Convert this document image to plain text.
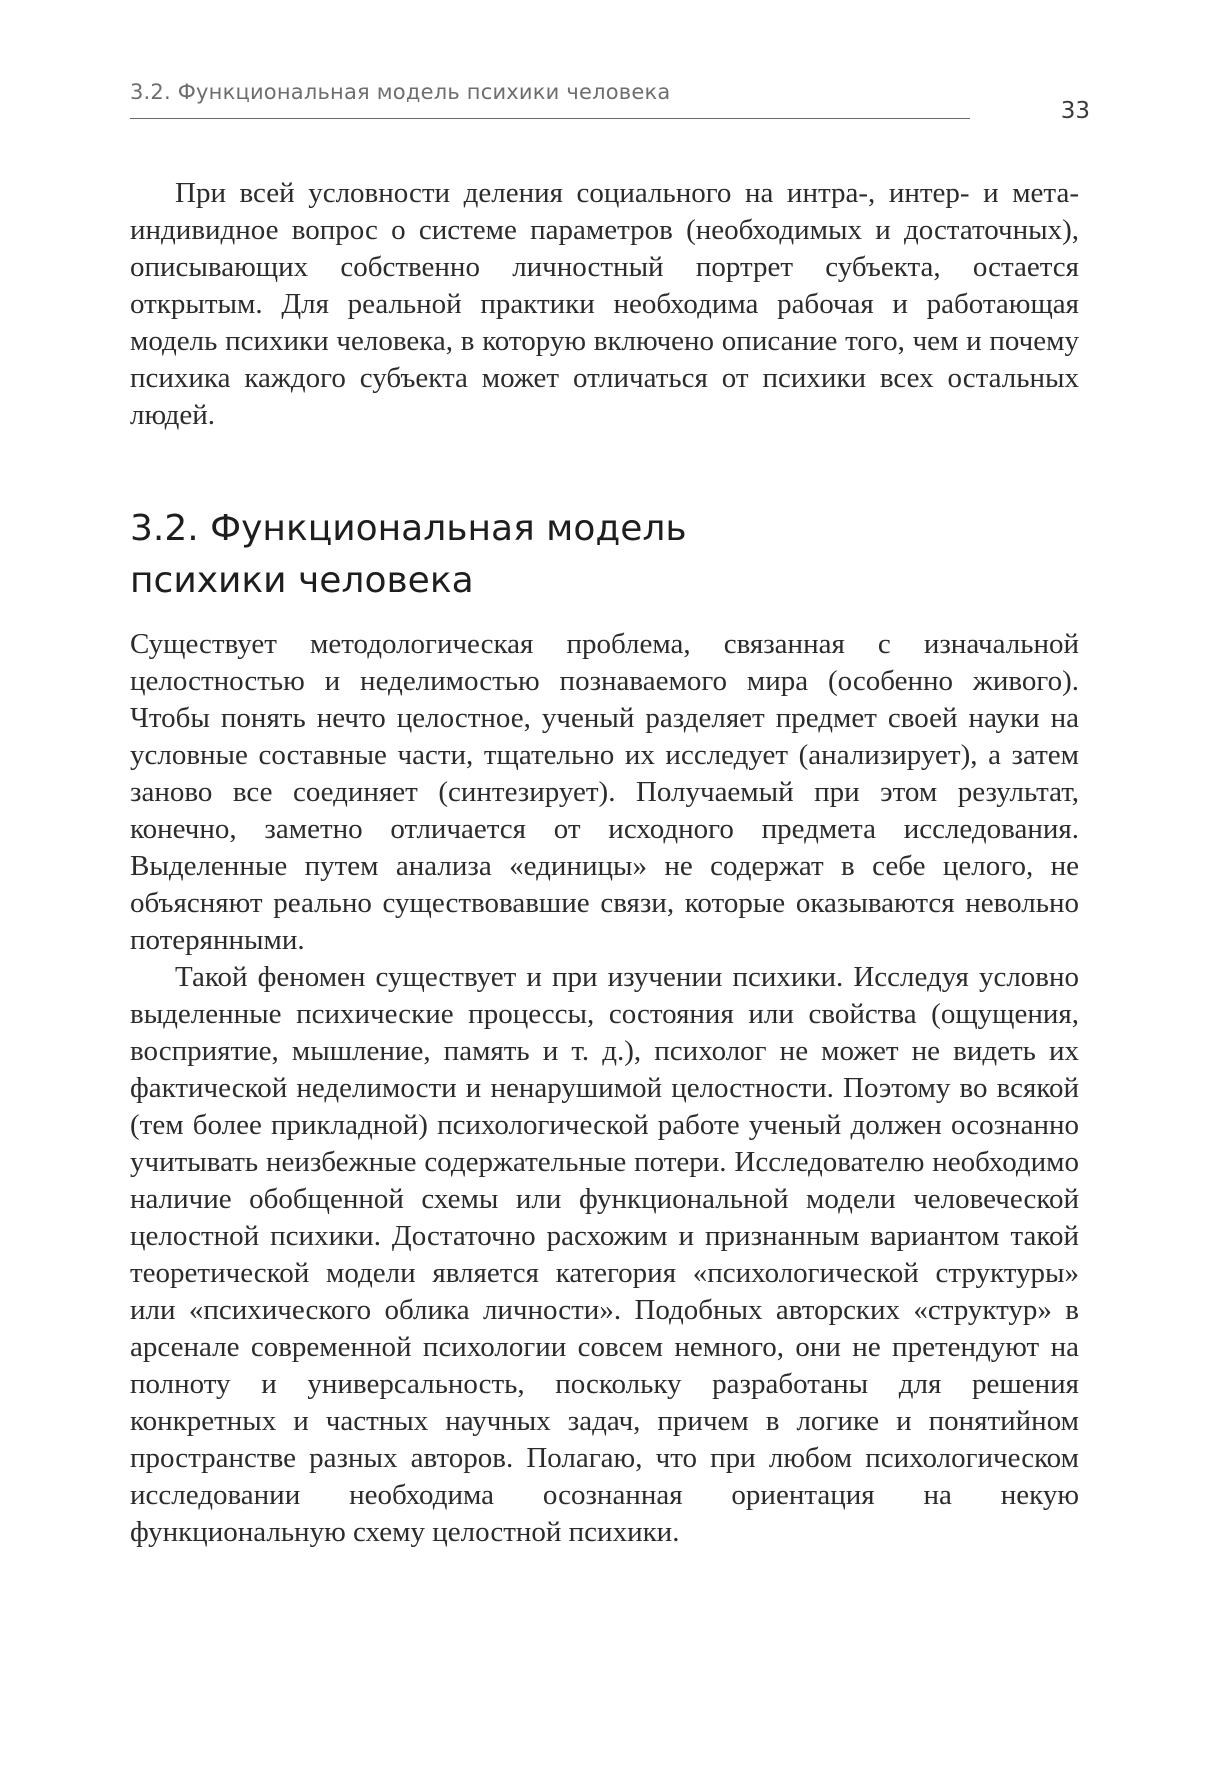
3.2. Функциональная модель психики человека
33

При всей условности деления социального на интра-, интер- и метаиндивидное вопрос о системе параметров (необходимых и достаточных), описывающих собственно личностный портрет субъекта, остается открытым. Для реальной практики необходима рабочая и работающая модель психики человека, в которую включено описание того, чем и почему психика каждого субъекта может отличаться от психики всех остальных людей.

3.2. Функциональная модель
психики человека

Существует методологическая проблема, связанная с изначальной целостностью и неделимостью познаваемого мира (особенно живого). Чтобы понять нечто целостное, ученый разделяет предмет своей науки на условные составные части, тщательно их исследует (анализирует), а затем заново все соединяет (синтезирует). Получаемый при этом результат, конечно, заметно отличается от исходного предмета исследования. Выделенные путем анализа «единицы» не содержат в себе целого, не объясняют реально существовавшие связи, которые оказываются невольно потерянными.

Такой феномен существует и при изучении психики. Исследуя условно выделенные психические процессы, состояния или свойства (ощущения, восприятие, мышление, память и т. д.), психолог не может не видеть их фактической неделимости и ненарушимой целостности. Поэтому во всякой (тем более прикладной) психологической работе ученый должен осознанно учитывать неизбежные содержательные потери. Исследователю необходимо наличие обобщенной схемы или функциональной модели человеческой целостной психики. Достаточно расхожим и признанным вариантом такой теоретической модели является категория «психологической структуры» или «психического облика личности». Подобных авторских «структур» в арсенале современной психологии совсем немного, они не претендуют на полноту и универсальность, поскольку разработаны для решения конкретных и частных научных задач, причем в логике и понятийном пространстве разных авторов. Полагаю, что при любом психологическом исследовании необходима осознанная ориентация на некую функциональную схему целостной психики.
